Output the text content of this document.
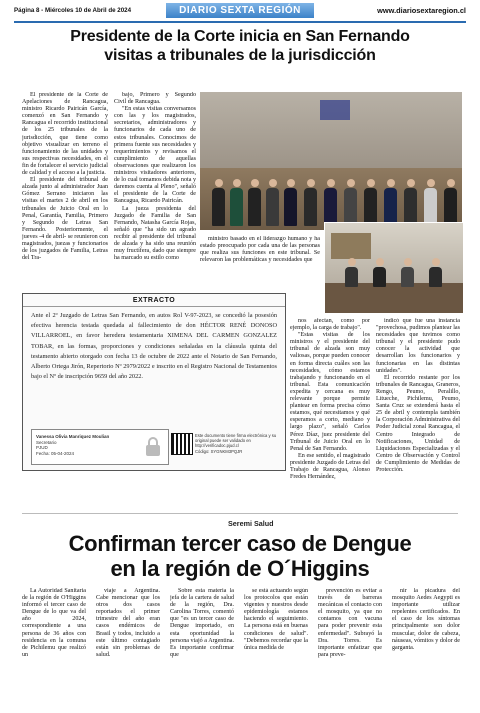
Página 8 - Miércoles 10 de Abril de 2024	DIARIO SEXTA REGIÓN	www.diariosextaregion.cl
Presidente de la Corte inicia en San Fernando
visitas a tribunales de la jurisdicción

El presidente de la Corte de Apelaciones de Rancagua, ministro Ricardo Pairicán García, comenzó en San Fernando y Rancagua el recorrido institucional de los 25 tribunales de la jurisdicción, que tiene como objetivo visualizar en terreno el funcionamiento de las unidades y sus respectivas necesidades, en el fin de fortalecer el servicio judicial de calidad y el acceso a la justicia.

El presidente del tribunal de alzada junto al administrador Juan Gómez Serrano iniciaron las visitas el martes 2 de abril en los tribunales de Juicio Oral en lo Penal, Garantía, Familia, Primero y Segundo de Letras San Fernando. Posteriormente, el jueves -4 de abril- se reunieron con magistrados, juezas y funcionarios de los juzgados de Familia, Letras del Tra-

bajo, Primero y Segundo Civil de Rancagua.

"En estas visitas conversamos con las y los magistrados, secretarios, administradores y funcionarios de cada uno de estos tribunales. Conocimos de primera fuente sus necesidades y requerimientos y revisamos el cumplimiento de aquellas observaciones que realizaron los ministros visitadores anteriores, de lo cual tomamos debida nota y daremos cuenta al Pleno", señaló el presidente de la Corte de Rancagua, Ricardo Pairicán.

La jueza presidenta del Juzgado de Familia de San Fernando, Natasha García Rojas, señaló que "ha sido un agrado recibir al presidente del tribunal de alzada y ha sido una reunión muy fructífera, dado que siempre ha marcado su estilo como

ministro basado en el liderazgo humano y ha estado preocupado por cada una de las personas que realiza sus funciones en este tribunal. Se relevaron las problemáticas y necesidades que

EXTRACTO
Ante el 2º Juzgado de Letras San Fernando, en autos Rol V-97-2023, se concedió la posesión efectiva herencia testada quedada al fallecimiento de don HÉCTOR RENÉ DONOSO VILLARROEL, en favor heredera testamentaria XIMENA DEL CARMEN GONZALEZ TOBAR, en las formas, proporciones y condiciones señaladas en la cláusula quinta del testamento abierto otorgado con fecha 13 de octubre de 2022 ante el Notario de San Fernando, Alberto Ortega Jirón, Repertorio Nº 2979/2022 e inscrito en el Registro Nacional de Testamentos bajo el Nº de inscripción 9659 del año 2022.
Vanessa Olivia Manriquez Moulian
Secretario
PJUD
Fecha: 05-04-2024
Este documento tiene firma electrónica y su original puede ser validado en http://verificadoc.pjud.cl
Código: SYGNKM3PQJR

nos afectan, como por ejemplo, la carga de trabajo".

"Estas visitas de los ministros y el presidente del tribunal de alzada son muy valiosas, porque pueden conocer en forma directa cuáles son las necesidades, cómo estamos trabajando y funcionando en el tribunal. Esta comunicación expedita y cercana es muy relevante porque permite plantear en forma precisa cómo estamos, qué necesitamos y qué esperamos a corto, mediano y largo plazo", señaló Carlos Pérez Díaz, juez presidente del Tribunal de Juicio Oral en lo Penal de San Fernando.

En ese sentido, el magistrado presidente Juzgado de Letras del Trabajo de Rancagua, Alonso Fredes Hernández,

indicó que fue una instancia "provechosa, pudimos plantear las necesidades que tuvimos como tribunal y el presidente pudo conocer la actividad que desarrollan los funcionarios y funcionarias en las distintas unidades".

El recorrido restante por los tribunales de Rancagua, Graneros, Rengo, Peumo, Peralillo, Litueche, Pichilemu, Peumo, Santa Cruz se extenderá hasta el 25 de abril y contempla también la Corporación Administrativa del Poder Judicial zonal Rancagua, el Centro Integrado de Notificaciones, Unidad de Liquidaciones Especializadas y el Centro de Observación y Control de Cumplimiento de Medidas de Protección.

Seremi Salud
Confirman tercer caso de Dengue
en la región de O´Higgins

La Autoridad Sanitaria de la región de O'Higgins informó el tercer caso de Dengue de lo que va del año 2024, correspondiente a una persona de 36 años con residencia en la comuna de Pichilemu que realizó un

viaje a Argentina. Cabe mencionar que los otros dos casos reportados el primer trimestre del año eran casos endémicos de Brasil y todos, incluido a este último contagiado están sin problemas de salud.

Sobre esta materia la jefa de la cartera de salud de la región, Dra. Carolina Torres, comentó que "es un tercer caso de Dengue importado, en esta oportunidad la persona viajó a Argentina. Es importante confirmar que

se está actuando según los protocolos que están vigentes y nuestros desde epidemiología estamos haciendo el seguimiento. La persona está en buenas condiciones de salud". "Debemos recordar que la única medida de

prevención es evitar a través de barreras mecánicas el contacto con el mosquito, ya que no contamos con vacuna para poder prevenir esta enfermedad". Subrayó la Dra. Torres. Es importante enfatizar que para preve-

nir la picadura del mosquito Aedes Aegypti es importante utilizar repelentes certificados. En el caso de los síntomas principalmente son dolor muscular, dolor de cabeza, náuseas, vómitos y dolor de garganta.
